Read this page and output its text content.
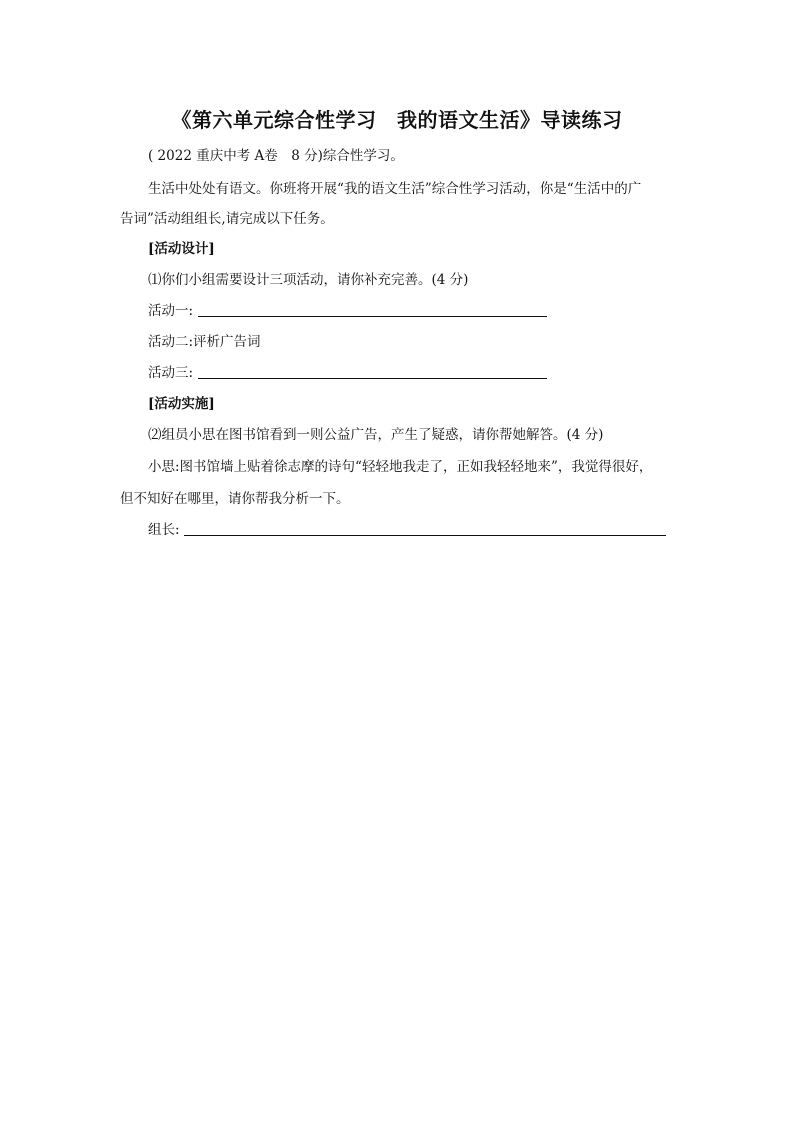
《第六单元综合性学习　我的语文生活》导读练习
( 2022 重庆中考 A卷　8 分)综合性学习。
生活中处处有语文。你班将开展“我的语文生活”综合性学习活动，你是“生活中的广
告词”活动组组长,请完成以下任务。
[活动设计]
⑴你们小组需要设计三项活动，请你补充完善。(4 分)
活动一:
活动二:评析广告词
活动三:
[活动实施]
⑵组员小思在图书馆看到一则公益广告，产生了疑惑，请你帮她解答。(4 分)
小思:图书馆墙上贴着徐志摩的诗句“轻轻地我走了，正如我轻轻地来”，我觉得很好，
但不知好在哪里，请你帮我分析一下。
组长:
